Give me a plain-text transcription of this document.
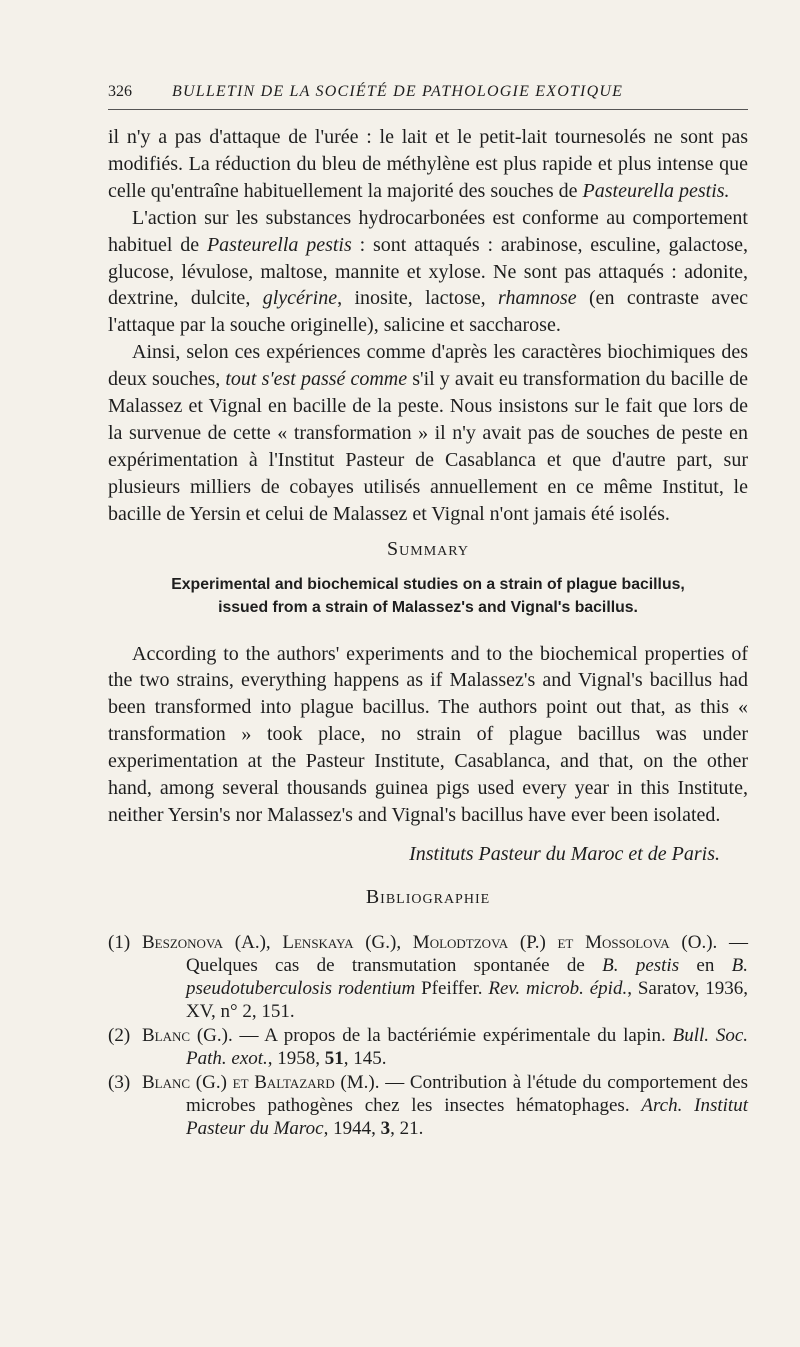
326	BULLETIN DE LA SOCIÉTÉ DE PATHOLOGIE EXOTIQUE

il n'y a pas d'attaque de l'urée : le lait et le petit-lait tournesolés ne sont pas modifiés. La réduction du bleu de méthylène est plus rapide et plus intense que celle qu'entraîne habituellement la majorité des souches de Pasteurella pestis.

L'action sur les substances hydrocarbonées est conforme au comportement habituel de Pasteurella pestis : sont attaqués : arabinose, esculine, galactose, glucose, lévulose, maltose, mannite et xylose. Ne sont pas attaqués : adonite, dextrine, dulcite, glycérine, inosite, lactose, rhamnose (en contraste avec l'attaque par la souche originelle), salicine et saccharose.

Ainsi, selon ces expériences comme d'après les caractères biochimiques des deux souches, tout s'est passé comme s'il y avait eu transformation du bacille de Malassez et Vignal en bacille de la peste. Nous insistons sur le fait que lors de la survenue de cette « transformation » il n'y avait pas de souches de peste en expérimentation à l'Institut Pasteur de Casablanca et que d'autre part, sur plusieurs milliers de cobayes utilisés annuellement en ce même Institut, le bacille de Yersin et celui de Malassez et Vignal n'ont jamais été isolés.

Summary
Experimental and biochemical studies on a strain of plague bacillus,
issued from a strain of Malassez's and Vignal's bacillus.

According to the authors' experiments and to the biochemical properties of the two strains, everything happens as if Malassez's and Vignal's bacillus had been transformed into plague bacillus. The authors point out that, as this « transformation » took place, no strain of plague bacillus was under experimentation at the Pasteur Institute, Casablanca, and that, on the other hand, among several thousands guinea pigs used every year in this Institute, neither Yersin's nor Malassez's and Vignal's bacillus have ever been isolated.

Instituts Pasteur du Maroc et de Paris.
Bibliographie
(1) Beszonova (A.), Lenskaya (G.), Molodtzova (P.) et Mossolova (O.). — Quelques cas de transmutation spontanée de B. pestis en B. pseudotuberculosis rodentium Pfeiffer. Rev. microb. épid., Saratov, 1936, XV, n° 2, 151.
(2) Blanc (G.). — A propos de la bactériémie expérimentale du lapin. Bull. Soc. Path. exot., 1958, 51, 145.
(3) Blanc (G.) et Baltazard (M.). — Contribution à l'étude du comportement des microbes pathogènes chez les insectes hématophages. Arch. Institut Pasteur du Maroc, 1944, 3, 21.
